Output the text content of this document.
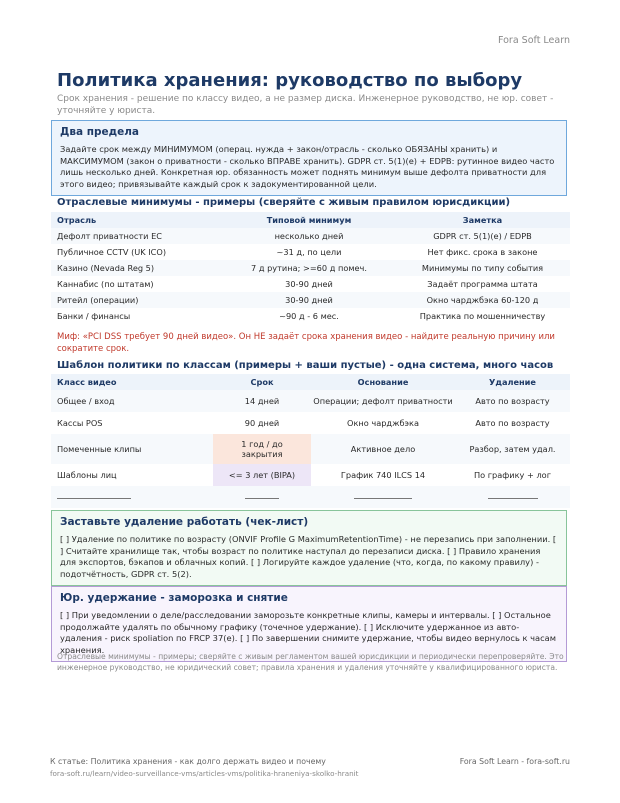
Fora Soft Learn
Политика хранения: руководство по выбору
Срок хранения - решение по классу видео, а не размер диска. Инженерное руководство, не юр. совет - уточняйте у юриста.
Два предела

Задайте срок между МИНИМУМОМ (операц. нужда + закон/отрасль - сколько ОБЯЗАНЫ хранить) и МАКСИМУМОМ (закон о приватности - сколько ВПРАВЕ хранить). GDPR ст. 5(1)(e) + EDPB: рутинное видео часто лишь несколько дней. Конкретная юр. обязанность может поднять минимум выше дефолта приватности для этого видео; привязывайте каждый срок к задокументированной цели.

Отраслевые минимумы - примеры (сверяйте с живым правилом юрисдикции)
Отрасль	Типовой минимум	Заметка
Дефолт приватности ЕС	несколько дней	GDPR ст. 5(1)(e) / EDPB
Публичное CCTV (UK ICO)	~31 д, по цели	Нет фикс. срока в законе
Казино (Nevada Reg 5)	7 д рутина; >=60 д помеч.	Минимумы по типу события
Каннабис (по штатам)	30-90 дней	Задаёт программа штата
Ритейл (операции)	30-90 дней	Окно чарджбэка 60-120 д
Банки / финансы	~90 д - 6 мес.	Практика по мошенничеству
Миф: «PCI DSS требует 90 дней видео». Он НЕ задаёт срока хранения видео - найдите реальную причину или сократите срок.
Шаблон политики по классам (примеры + ваши пустые) - одна система, много часов
Класс видео	Срок	Основание	Удаление
Общее / вход	14 дней	Операции; дефолт приватности	Авто по возрасту
Кассы POS	90 дней	Окно чарджбэка	Авто по возрасту
Помеченные клипы	1 год / до закрытия	Активное дело	Разбор, затем удал.
Шаблоны лиц	<= 3 лет (BIPA)	График 740 ILCS 14	По графику + лог

Заставьте удаление работать (чек-лист)

[ ] Удаление по политике по возрасту (ONVIF Profile G MaximumRetentionTime) - не перезапись при заполнении. [ ] Считайте хранилище так, чтобы возраст по политике наступал до перезаписи диска. [ ] Правило хранения для экспортов, бэкапов и облачных копий. [ ] Логируйте каждое удаление (что, когда, по какому правилу) - подотчётность, GDPR ст. 5(2).

Юр. удержание - заморозка и снятие

[ ] При уведомлении о деле/расследовании заморозьте конкретные клипы, камеры и интервалы. [ ] Остальное продолжайте удалять по обычному графику (точечное удержание). [ ] Исключите удержанное из авто-удаления - риск spoliation по FRCP 37(e). [ ] По завершении снимите удержание, чтобы видео вернулось к часам хранения.

Отраслевые минимумы - примеры; сверяйте с живым регламентом вашей юрисдикции и периодически перепроверяйте. Это инженерное руководство, не юридический совет; правила хранения и удаления уточняйте у квалифицированного юриста.
К статье: Политика хранения - как долго держать видео и почему
fora-soft.ru/learn/video-surveillance-vms/articles-vms/politika-hraneniya-skolko-hranit
Fora Soft Learn - fora-soft.ru
